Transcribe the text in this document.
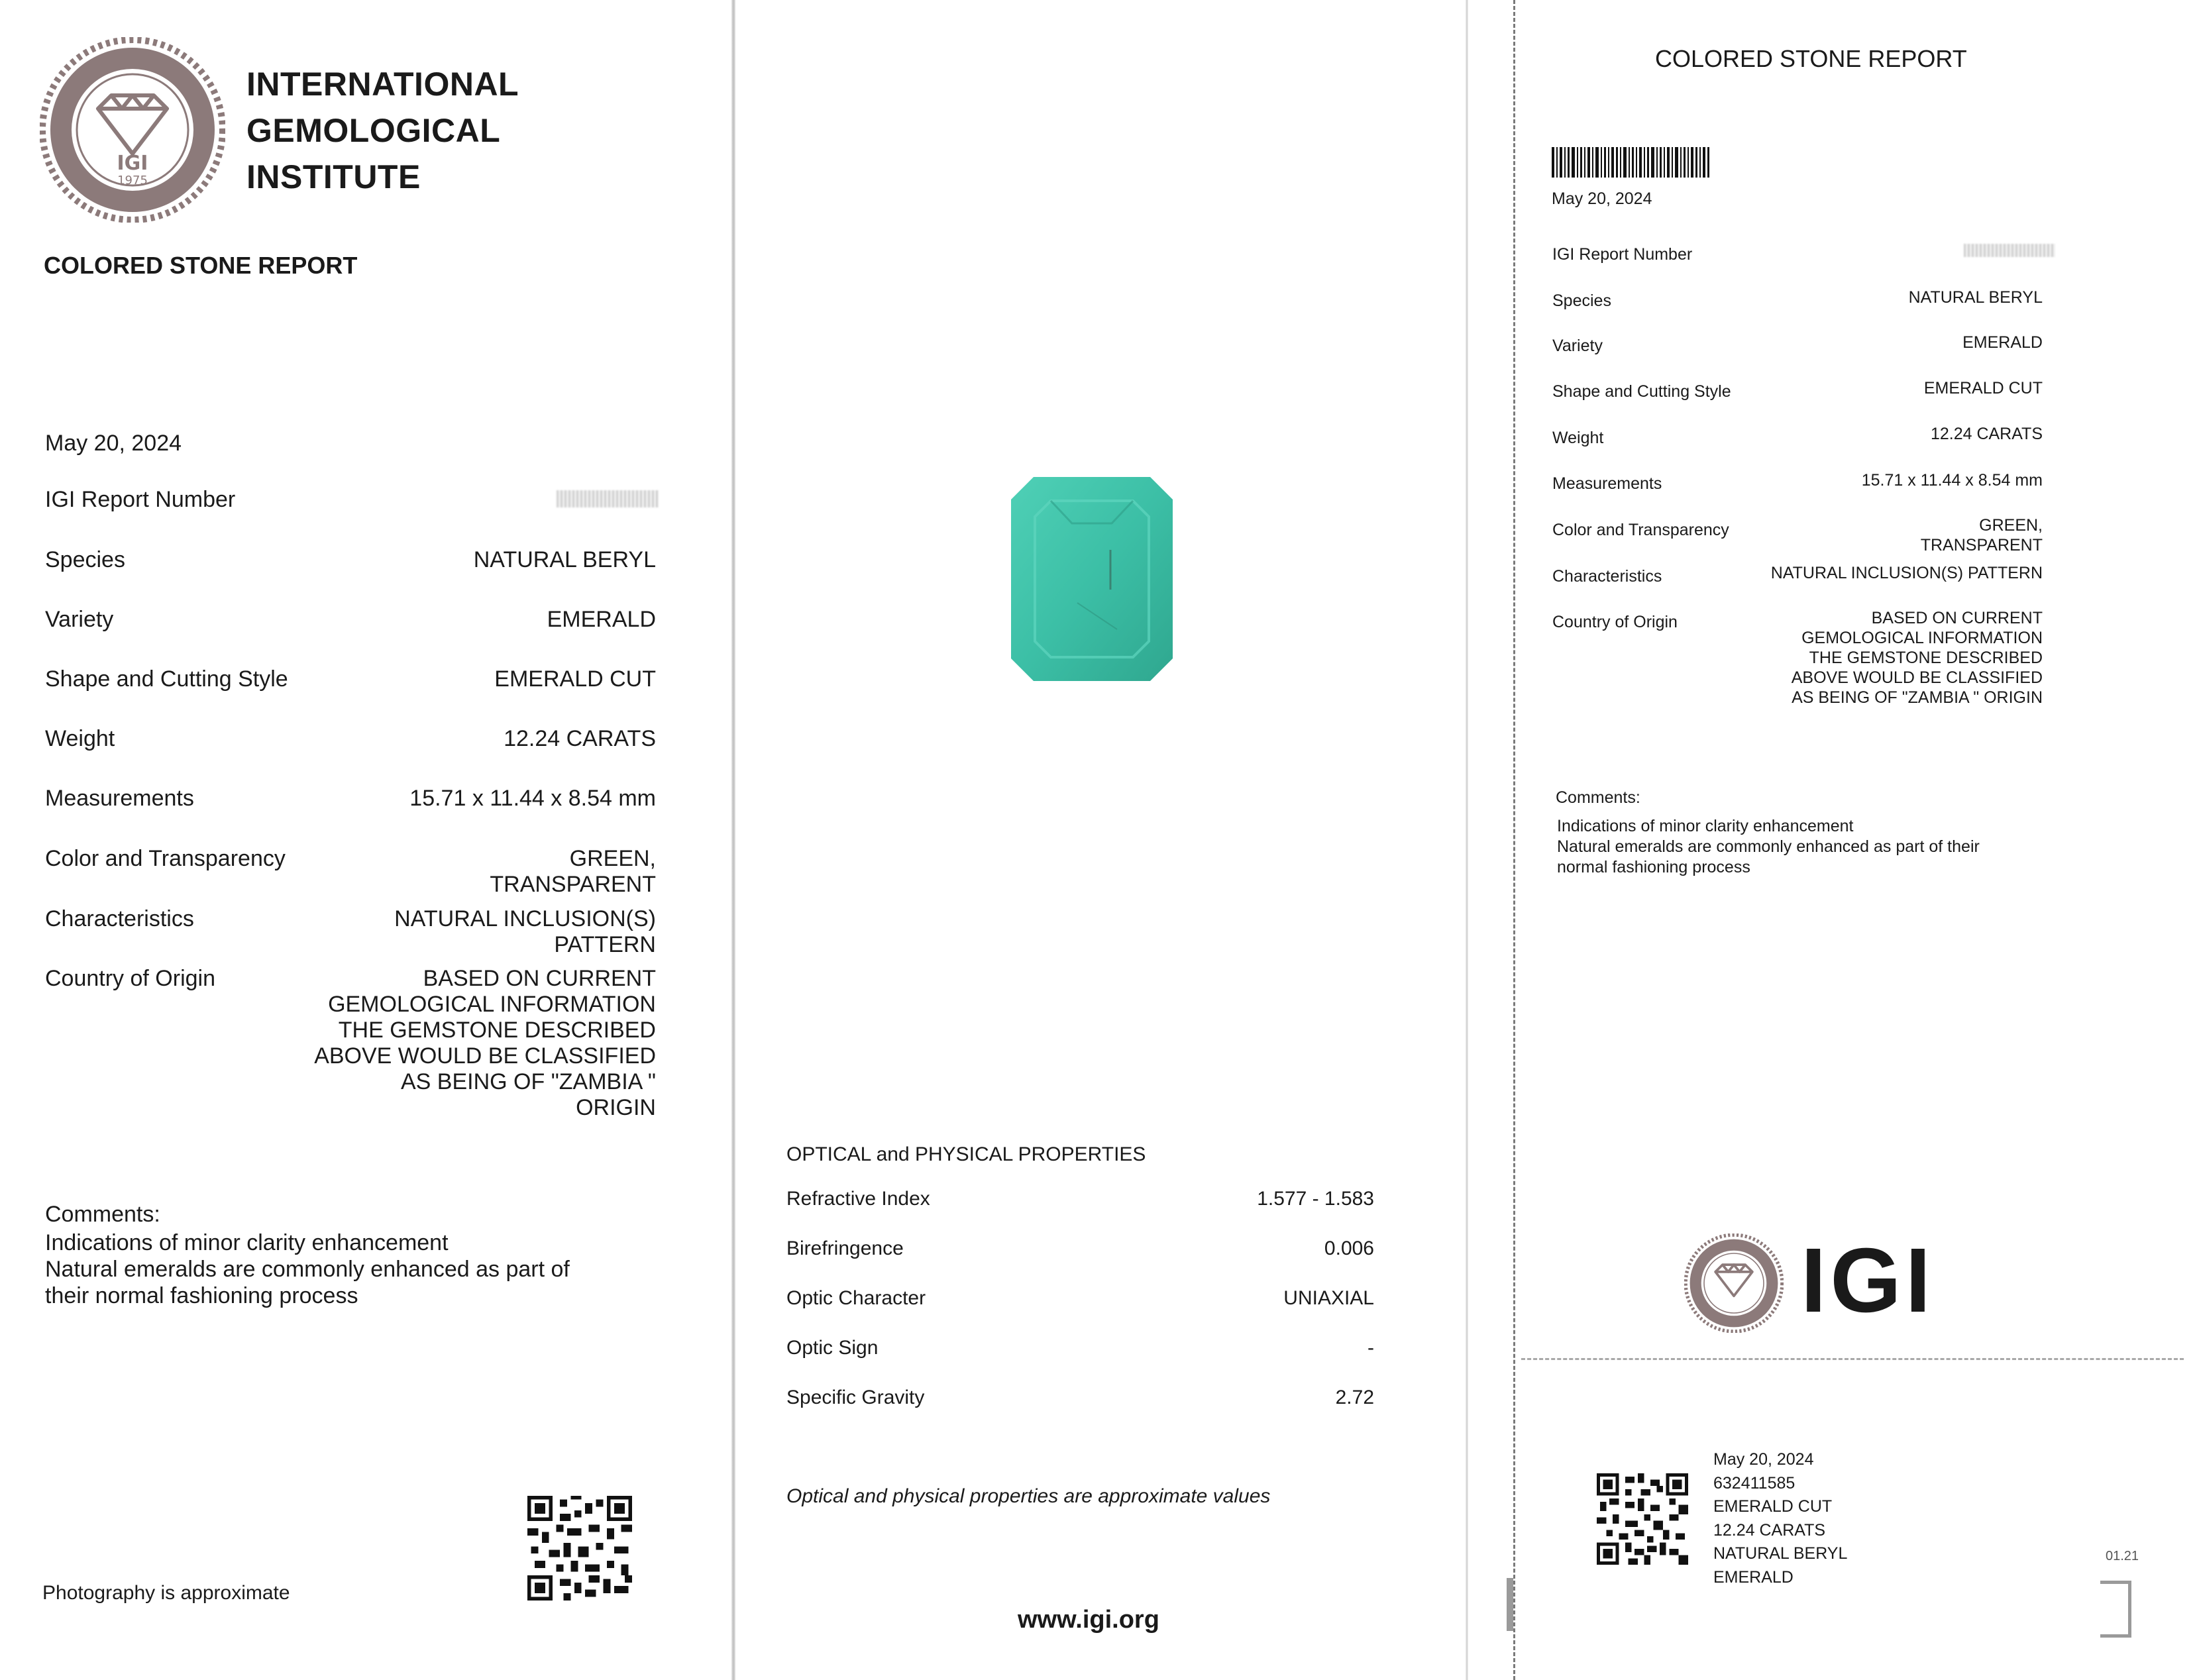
1975
IGI
INTERNATIONAL
GEMOLOGICAL
INSTITUTE
COLORED STONE REPORT
May 20, 2024
IGI Report Number
Species	NATURAL BERYL
Variety	EMERALD
Shape and Cutting Style	EMERALD CUT
Weight	12.24 CARATS
Measurements	15.71 x 11.44 x 8.54 mm
Color and Transparency	GREEN,
TRANSPARENT
Characteristics	NATURAL INCLUSION(S)
PATTERN
Country of Origin	BASED ON CURRENT
GEMOLOGICAL INFORMATION
THE GEMSTONE DESCRIBED
ABOVE WOULD BE CLASSIFIED
AS BEING OF "ZAMBIA "
ORIGIN
Comments:
Indications of minor clarity enhancement
Natural emeralds are commonly enhanced as part of
their normal fashioning process
Photography is approximate
OPTICAL and PHYSICAL PROPERTIES
Refractive Index	1.577 - 1.583
Birefringence	0.006
Optic Character	UNIAXIAL
Optic Sign	-
Specific Gravity	2.72
Optical and physical properties are approximate values
www.igi.org
COLORED STONE REPORT
May 20, 2024
IGI Report Number
Species	NATURAL BERYL
Variety	EMERALD
Shape and Cutting Style	EMERALD CUT
Weight	12.24 CARATS
Measurements	15.71 x 11.44 x 8.54 mm
Color and Transparency	GREEN,
TRANSPARENT
Characteristics	NATURAL INCLUSION(S) PATTERN
Country of Origin	BASED ON CURRENT
GEMOLOGICAL INFORMATION
THE GEMSTONE DESCRIBED
ABOVE WOULD BE CLASSIFIED
AS BEING OF "ZAMBIA " ORIGIN
Comments:
Indications of minor clarity enhancement
Natural emeralds are commonly enhanced as part of their
normal fashioning process
IGI
May 20, 2024
632411585
EMERALD CUT
12.24 CARATS
NATURAL BERYL
EMERALD
01.21
